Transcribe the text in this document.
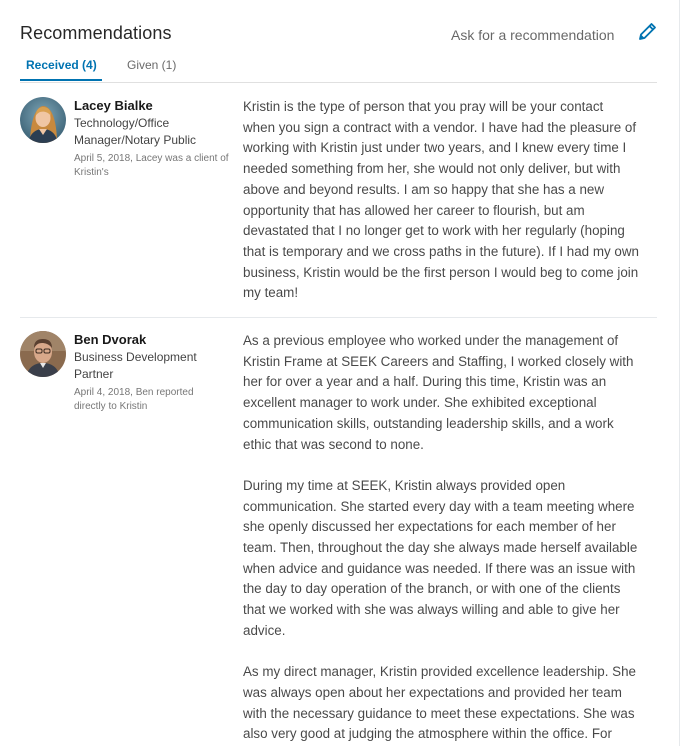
Recommendations	Ask for a recommendation
Received (4)	Given (1)
Lacey Bialke
Technology/Office
Manager/Notary Public
April 5, 2018, Lacey was a client of
Kristin's

Kristin is the type of person that you pray will be your contact
when you sign a contract with a vendor. I have had the pleasure of
working with Kristin just under two years, and I knew every time I
needed something from her, she would not only deliver, but with
above and beyond results. I am so happy that she has a new
opportunity that has allowed her career to flourish, but am
devastated that I no longer get to work with her regularly (hoping
that is temporary and we cross paths in the future). If I had my own
business, Kristin would be the first person I would beg to come join
my team!

Ben Dvorak
Business Development
Partner
April 4, 2018, Ben reported
directly to Kristin

As a previous employee who worked under the management of
Kristin Frame at SEEK Careers and Staffing, I worked closely with
her for over a year and a half. During this time, Kristin was an
excellent manager to work under. She exhibited exceptional
communication skills, outstanding leadership skills, and a work
ethic that was second to none.

During my time at SEEK, Kristin always provided open
communication. She started every day with a team meeting where
she openly discussed her expectations for each member of her
team. Then, throughout the day she always made herself available
when advice and guidance was needed. If there was an issue with
the day to day operation of the branch, or with one of the clients
that we worked with she was always willing and able to give her
advice.

As my direct manager, Kristin provided excellence leadership. She
was always open about her expectations and provided her team
with the necessary guidance to meet these expectations. She was
also very good at judging the atmosphere within the office. For
